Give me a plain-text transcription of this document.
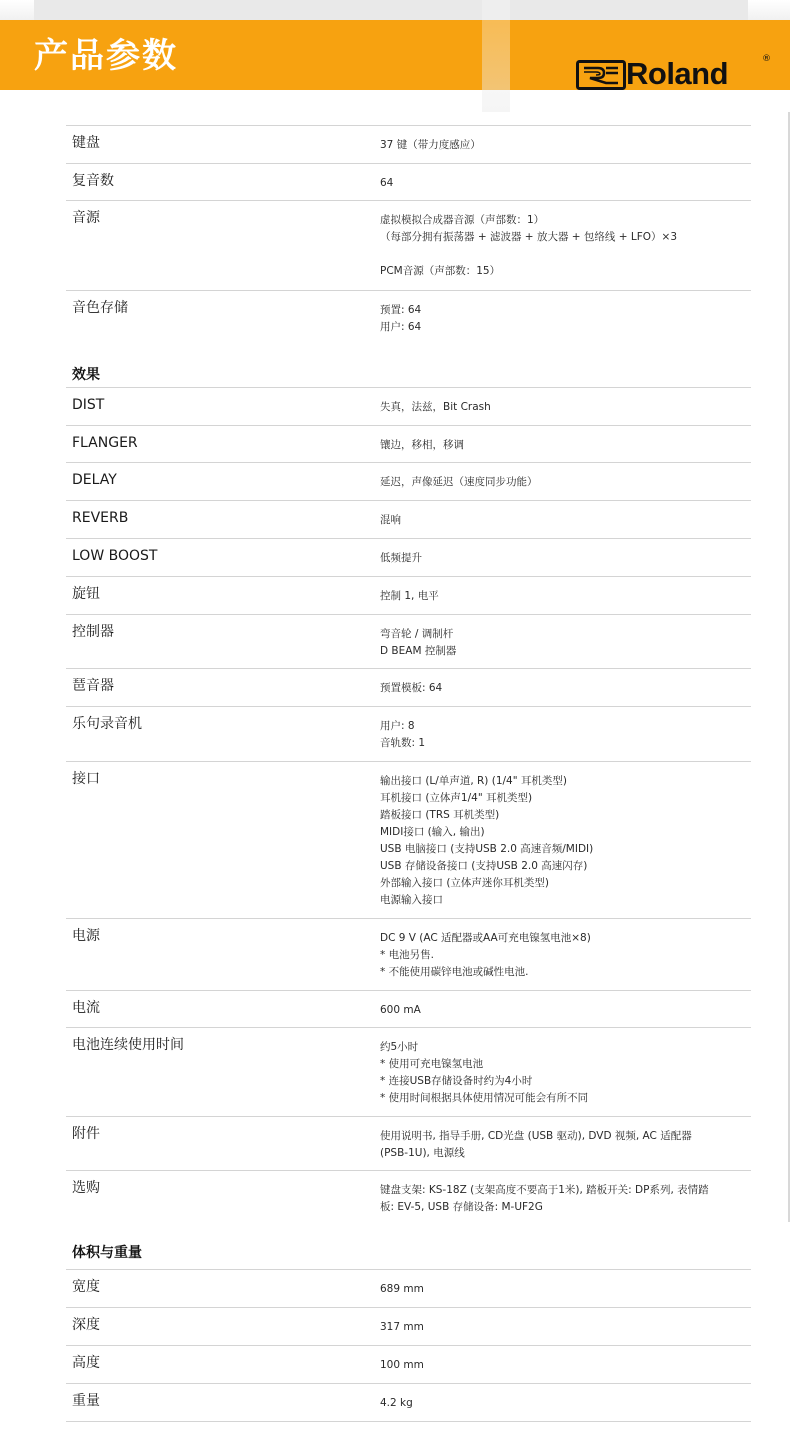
产品参数	Roland	®
键盘	37 键（带力度感应）
复音数	64
音源	虚拟模拟合成器音源（声部数：1）
（每部分拥有振荡器 + 滤波器 + 放大器 + 包络线 + LFO）×3
PCM音源（声部数：15）
音色存储	预置: 64
用户: 64
效果
DIST	失真，法兹，Bit Crash
FLANGER	镶边，移相，移调
DELAY	延迟，声像延迟（速度同步功能）
REVERB	混响
LOW BOOST	低频提升
旋钮	控制 1, 电平
控制器	弯音轮 / 调制杆
D BEAM 控制器
琶音器	预置模板: 64
乐句录音机	用户: 8
音轨数: 1
接口	输出接口 (L/单声道, R) (1/4" 耳机类型)
耳机接口 (立体声1/4" 耳机类型)
踏板接口 (TRS 耳机类型)
MIDI接口 (输入, 输出)
USB 电脑接口 (支持USB 2.0 高速音频/MIDI)
USB 存储设备接口 (支持USB 2.0 高速闪存)
外部输入接口 (立体声迷你耳机类型)
电源输入接口
电源	DC 9 V (AC 适配器或AA可充电镍氢电池×8)
* 电池另售.
* 不能使用碳锌电池或碱性电池.
电流	600 mA
电池连续使用时间	约5小时
* 使用可充电镍氢电池
* 连接USB存储设备时约为4小时
* 使用时间根据具体使用情况可能会有所不同
附件	使用说明书, 指导手册, CD光盘 (USB 驱动), DVD 视频, AC 适配器
(PSB-1U), 电源线
选购	键盘支架: KS-18Z (支架高度不要高于1米), 踏板开关: DP系列, 表情踏
板: EV-5, USB 存储设备: M-UF2G
体积与重量
宽度	689 mm
深度	317 mm
高度	100 mm
重量	4.2 kg
